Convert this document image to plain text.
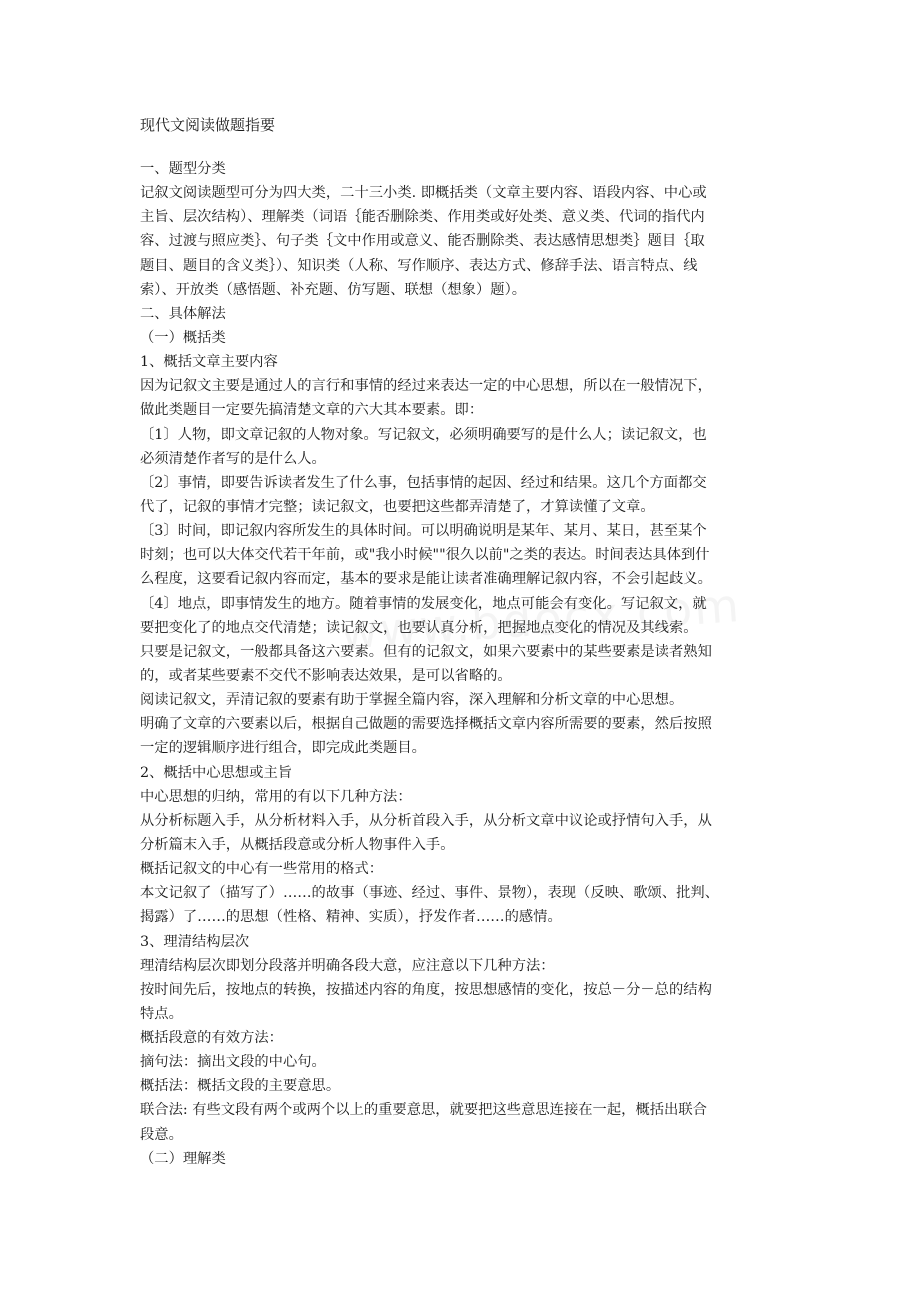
现代文阅读做题指要
一、题型分类
记叙文阅读题型可分为四大类，二十三小类. 即概括类（文章主要内容、语段内容、中心或
主旨、层次结构）、理解类（词语｛能否删除类、作用类或好处类、意义类、代词的指代内
容、过渡与照应类｝、句子类｛文中作用或意义、能否删除类、表达感情思想类｝题目｛取
题目、题目的含义类｝）、知识类（人称、写作顺序、表达方式、修辞手法、语言特点、线
索）、开放类（感悟题、补充题、仿写题、联想（想象）题）。
二、具体解法
（一）概括类
1、概括文章主要内容
因为记叙文主要是通过人的言行和事情的经过来表达一定的中心思想，所以在一般情况下，
做此类题目一定要先搞清楚文章的六大其本要素。即：
〔1〕人物，即文章记叙的人物对象。写记叙文，必须明确要写的是什么人；读记叙文，也
必须清楚作者写的是什么人。
〔2〕事情，即要告诉读者发生了什么事，包括事情的起因、经过和结果。这几个方面都交
代了，记叙的事情才完整；读记叙文，也要把这些都弄清楚了，才算读懂了文章。
〔3〕时间，即记叙内容所发生的具体时间。可以明确说明是某年、某月、某日，甚至某个
时刻；也可以大体交代若干年前，或"我小时候""很久以前"之类的表达。时间表达具体到什
么程度，这要看记叙内容而定，基本的要求是能让读者准确理解记叙内容，不会引起歧义。
〔4〕地点，即事情发生的地方。随着事情的发展变化，地点可能会有变化。写记叙文，就
要把变化了的地点交代清楚；读记叙文，也要认真分析，把握地点变化的情况及其线索。
只要是记叙文，一般都具备这六要素。但有的记叙文，如果六要素中的某些要素是读者熟知
的，或者某些要素不交代不影响表达效果，是可以省略的。
阅读记叙文，弄清记叙的要素有助于掌握全篇内容，深入理解和分析文章的中心思想。
明确了文章的六要素以后，根据自己做题的需要选择概括文章内容所需要的要素，然后按照
一定的逻辑顺序进行组合，即完成此类题目。
2、概括中心思想或主旨
中心思想的归纳，常用的有以下几种方法：
从分析标题入手，从分析材料入手，从分析首段入手，从分析文章中议论或抒情句入手，从
分析篇末入手，从概括段意或分析人物事件入手。
概括记叙文的中心有一些常用的格式：
本文记叙了（描写了）……的故事（事迹、经过、事件、景物），表现（反映、歌颂、批判、
揭露）了……的思想（性格、精神、实质），抒发作者……的感情。
3、理清结构层次
理清结构层次即划分段落并明确各段大意，应注意以下几种方法：
按时间先后，按地点的转换，按描述内容的角度，按思想感情的变化，按总－分－总的结构
特点。
概括段意的有效方法：
摘句法：摘出文段的中心句。
概括法：概括文段的主要意思。
联合法: 有些文段有两个或两个以上的重要意思，就要把这些意思连接在一起，概括出联合
段意。
（二）理解类
